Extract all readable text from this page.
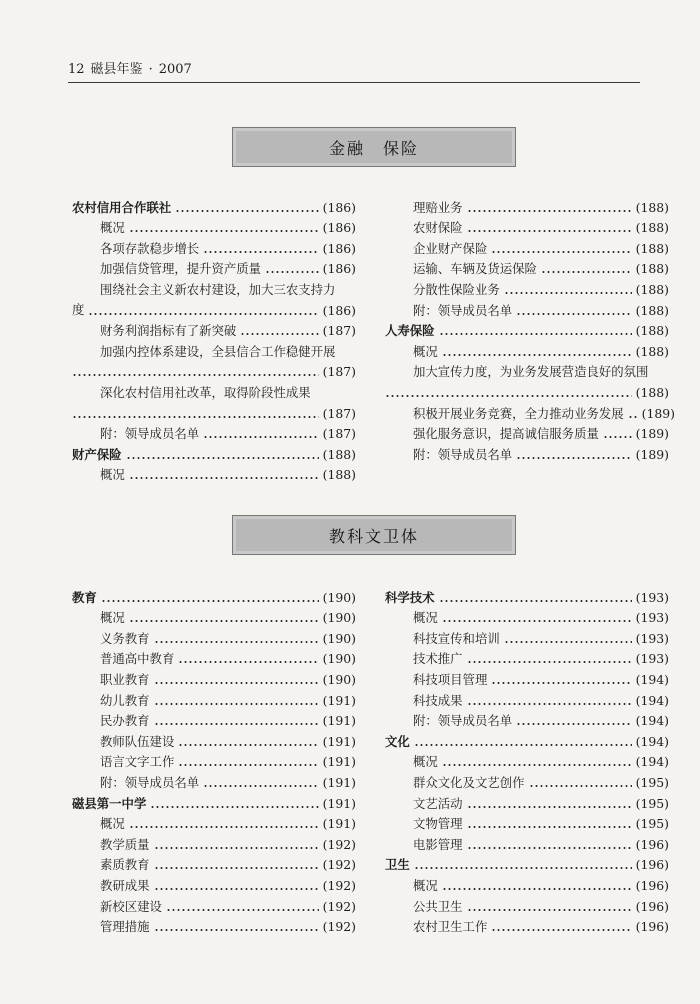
12 磁县年鉴 · 2007
金融　保险
农村信用合作联社	(186)
概况	(186)
各项存款稳步增长	(186)
加强信贷管理，提升资产质量	(186)
围绕社会主义新农村建设，加大三农支持力
度	(186)
财务利润指标有了新突破	(187)
加强内控体系建设，全县信合工作稳健开展
(187)
深化农村信用社改革，取得阶段性成果
(187)
附：领导成员名单	(187)
财产保险	(188)
概况	(188)
理赔业务	(188)
农财保险	(188)
企业财产保险	(188)
运输、车辆及货运保险	(188)
分散性保险业务	(188)
附：领导成员名单	(188)
人寿保险	(188)
概况	(188)
加大宣传力度，为业务发展营造良好的氛围
(188)
积极开展业务竞赛，全力推动业务发展 (189)
强化服务意识，提高诚信服务质量	(189)
附：领导成员名单	(189)
教科文卫体
教育	(190)
概况	(190)
义务教育	(190)
普通高中教育	(190)
职业教育	(190)
幼儿教育	(191)
民办教育	(191)
教师队伍建设	(191)
语言文字工作	(191)
附：领导成员名单	(191)
磁县第一中学	(191)
概况	(191)
教学质量	(192)
素质教育	(192)
教研成果	(192)
新校区建设	(192)
管理措施	(192)
科学技术	(193)
概况	(193)
科技宣传和培训	(193)
技术推广	(193)
科技项目管理	(194)
科技成果	(194)
附：领导成员名单	(194)
文化	(194)
概况	(194)
群众文化及文艺创作	(195)
文艺活动	(195)
文物管理	(195)
电影管理	(196)
卫生	(196)
概况	(196)
公共卫生	(196)
农村卫生工作	(196)
